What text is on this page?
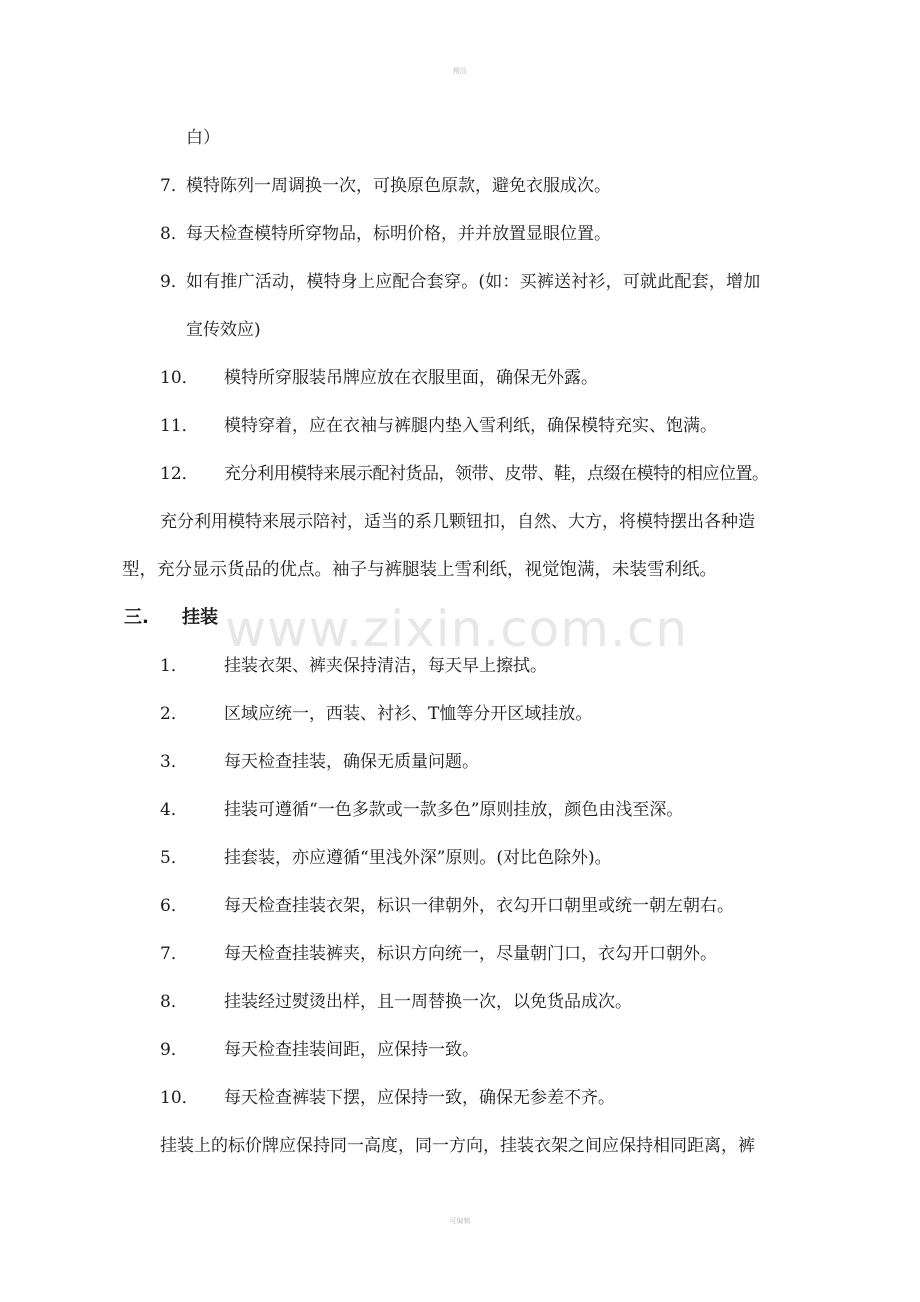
精品
www.zixin.com.cn
白）
7．
模特陈列一周调换一次，可换原色原款，避免衣服成次。
8．
每天检查模特所穿物品，标明价格，并并放置显眼位置。
9．
如有推广活动，模特身上应配合套穿。(如：买裤送衬衫，可就此配套，增加
宣传效应)
10． 模特所穿服装吊牌应放在衣服里面，确保无外露。
11． 模特穿着，应在衣袖与裤腿内垫入雪利纸，确保模特充实、饱满。
12． 充分利用模特来展示配衬货品，领带、皮带、鞋，点缀在模特的相应位置。
充分利用模特来展示陪衬，适当的系几颗钮扣，自然、大方，将模特摆出各种造
型，充分显示货品的优点。袖子与裤腿装上雪利纸，视觉饱满，未装雪利纸。
三. 挂装
1． 挂装衣架、裤夹保持清洁，每天早上擦拭。
2． 区域应统一，西装、衬衫、T恤等分开区域挂放。
3． 每天检查挂装，确保无质量问题。
4． 挂装可遵循“一色多款或一款多色”原则挂放，颜色由浅至深。
5． 挂套装，亦应遵循“里浅外深”原则。(对比色除外)。
6． 每天检查挂装衣架，标识一律朝外，衣勾开口朝里或统一朝左朝右。
7． 每天检查挂装裤夹，标识方向统一，尽量朝门口，衣勾开口朝外。
8． 挂装经过熨烫出样，且一周替换一次，以免货品成次。
9． 每天检查挂装间距，应保持一致。
10． 每天检查裤装下摆，应保持一致，确保无参差不齐。
挂装上的标价牌应保持同一高度，同一方向，挂装衣架之间应保持相同距离，裤
可编辑
